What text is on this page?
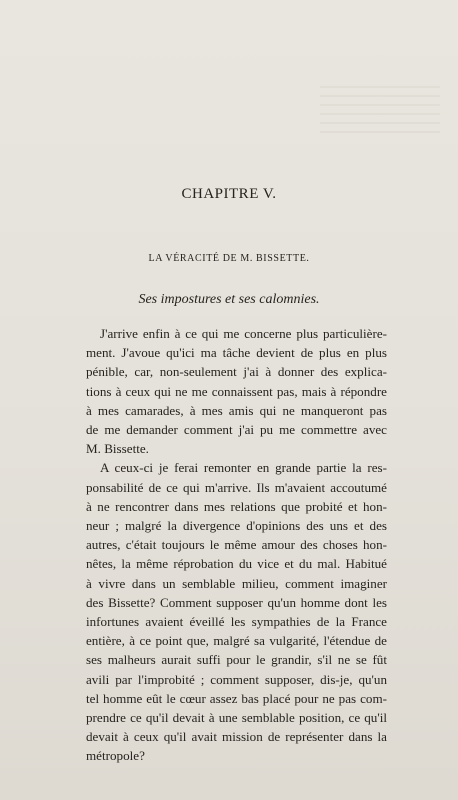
CHAPITRE V.
LA VÉRACITÉ DE M. BISSETTE.
Ses impostures et ses calomnies.
J'arrive enfin à ce qui me concerne plus particulière-
ment. J'avoue qu'ici ma tâche devient de plus en plus
pénible, car, non-seulement j'ai à donner des explica-
tions à ceux qui ne me connaissent pas, mais à répondre
à mes camarades, à mes amis qui ne manqueront pas
de me demander comment j'ai pu me commettre avec
M. Bissette.
A ceux-ci je ferai remonter en grande partie la res-
ponsabilité de ce qui m'arrive. Ils m'avaient accoutumé
à ne rencontrer dans mes relations que probité et hon-
neur ; malgré la divergence d'opinions des uns et des
autres, c'était toujours le même amour des choses hon-
nêtes, la même réprobation du vice et du mal. Habitué
à vivre dans un semblable milieu, comment imaginer
des Bissette? Comment supposer qu'un homme dont les
infortunes avaient éveillé les sympathies de la France
entière, à ce point que, malgré sa vulgarité, l'étendue de
ses malheurs aurait suffi pour le grandir, s'il ne se fût
avili par l'improbité ; comment supposer, dis-je, qu'un
tel homme eût le cœur assez bas placé pour ne pas com-
prendre ce qu'il devait à une semblable position, ce qu'il
devait à ceux qu'il avait mission de représenter dans la
métropole?
